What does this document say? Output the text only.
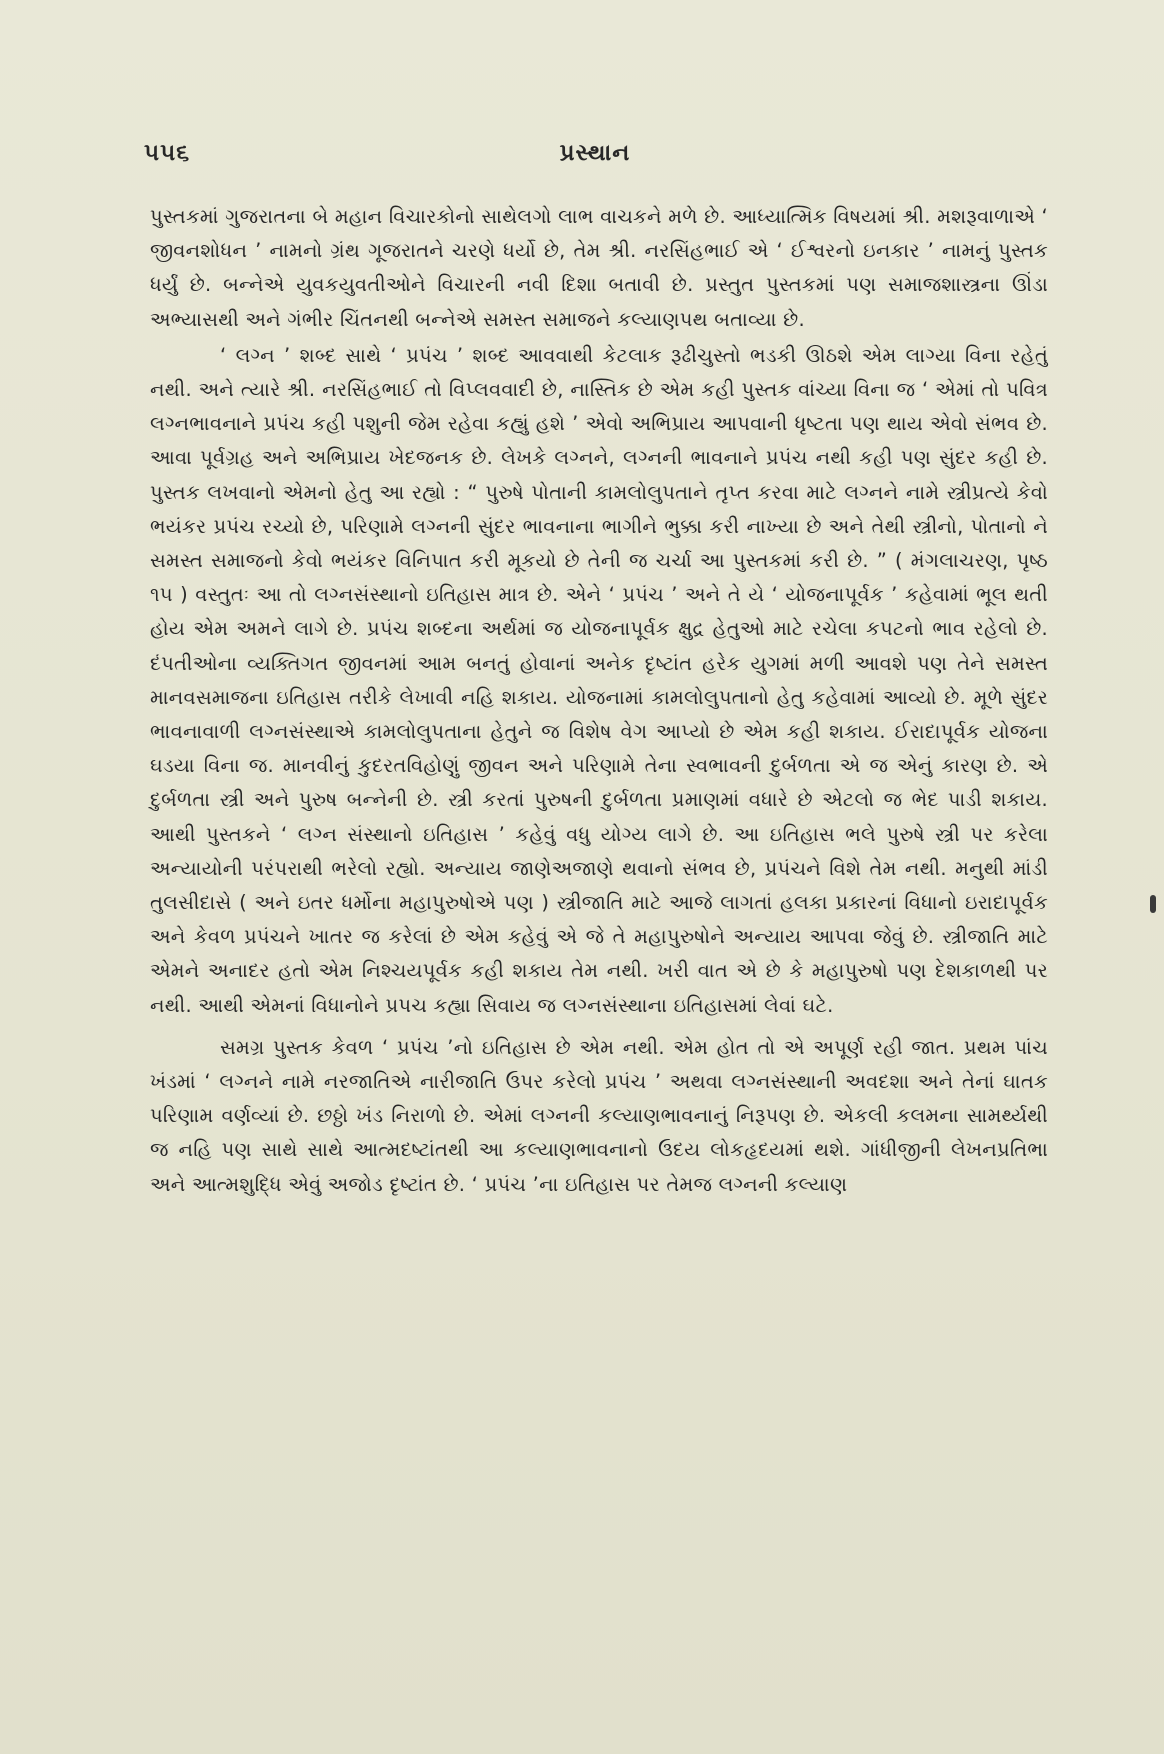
પ્રસ્થાન
૫૫૬

પુસ્તકમાં ગુજરાતના બે મહાન વિચારકોનો સાથેલગો લાભ વાચકને મળે છે. આધ્યાત્મિક વિષયમાં શ્રી. મશરૂવાળાએ ‘ જીવનશોધન ’ નામનો ગ્રંથ ગૂજરાતને ચરણે ધર્યો છે, તેમ શ્રી. નરસિંહભાઈ એ ‘ ઈશ્વરનો ઇનકાર ’ નામનું પુસ્તક ધર્યું છે. બન્નેએ યુવકયુવતીઓને વિચારની નવી દિશા બતાવી છે. પ્રસ્તુત પુસ્તકમાં પણ સમાજશાસ્ત્રના ઊંડા અભ્યાસથી અને ગંભીર ચિંતનથી બન્નેએ સમસ્ત સમાજને કલ્યાણપથ બતાવ્યા છે.

‘ લગ્ન ’ શબ્દ સાથે ‘ પ્રપંચ ’ શબ્દ આવવાથી કેટલાક રૂઢીચુસ્તો ભડકી ઊઠશે એમ લાગ્યા વિના રહેતું નથી. અને ત્યારે શ્રી. નરસિંહભાઈ તો વિપ્લવવાદી છે, નાસ્તિક છે એમ કહી પુસ્તક વાંચ્યા વિના જ ‘ એમાં તો પવિત્ર લગ્નભાવનાને પ્રપંચ કહી પશુની જેમ રહેવા કહ્યું હશે ’ એવો અભિપ્રાય આપવાની ધૃષ્ટતા પણ થાય એવો સંભવ છે. આવા પૂર્વગ્રહ અને અભિપ્રાય ખેદજનક છે. લેખકે લગ્નને, લગ્નની ભાવનાને પ્રપંચ નથી કહી પણ સુંદર કહી છે. પુસ્તક લખવાનો એમનો હેતુ આ રહ્યો : “ પુરુષે પોતાની કામલોલુપતાને તૃપ્ત કરવા માટે લગ્નને નામે સ્ત્રીપ્રત્યે કેવો ભયંકર પ્રપંચ રચ્યો છે, પરિણામે લગ્નની સુંદર ભાવનાના ભાગીને ભુક્કા કરી નાખ્યા છે અને તેથી સ્ત્રીનો, પોતાનો ને સમસ્ત સમાજનો કેવો ભયંકર વિનિપાત કરી મૂકયો છે તેની જ ચર્ચા આ પુસ્તકમાં કરી છે. ” ( મંગલાચરણ, પૃષ્ઠ ૧૫ ) વસ્તુતઃ આ તો લગ્નસંસ્થાનો ઇતિહાસ માત્ર છે. એને ‘ પ્રપંચ ’ અને તે યે ‘ યોજનાપૂર્વક ’ કહેવામાં ભૂલ થતી હોય એમ અમને લાગે છે. પ્રપંચ શબ્દના અર્થમાં જ યોજનાપૂર્વક ક્ષુદ્ર હેતુઓ માટે રચેલા કપટનો ભાવ રહેલો છે. દંપતીઓના વ્યક્તિગત જીવનમાં આમ બનતું હોવાનાં અનેક દૃષ્ટાંત હરેક યુગમાં મળી આવશે પણ તેને સમસ્ત માનવસમાજના ઇતિહાસ તરીકે લેખાવી નહિ શકાય. યોજનામાં કામલોલુપતાનો હેતુ કહેવામાં આવ્યો છે. મૂળે સુંદર ભાવનાવાળી લગ્નસંસ્થાએ કામલોલુપતાના હેતુને જ વિશેષ વેગ આપ્યો છે એમ કહી શકાય. ઈરાદાપૂર્વક યોજના ઘડયા વિના જ. માનવીનું કુદરતવિહોણું જીવન અને પરિણામે તેના સ્વભાવની દુર્બળતા એ જ એનું કારણ છે. એ દુર્બળતા સ્ત્રી અને પુરુષ બન્નેની છે. સ્ત્રી કરતાં પુરુષની દુર્બળતા પ્રમાણમાં વધારે છે એટલો જ ભેદ પાડી શકાય. આથી પુસ્તકને ‘ લગ્ન સંસ્થાનો ઇતિહાસ ’ કહેવું વધુ યોગ્ય લાગે છે. આ ઇતિહાસ ભલે પુરુષે સ્ત્રી પર કરેલા અન્યાયોની પરંપરાથી ભરેલો રહ્યો. અન્યાય જાણેઅજાણે થવાનો સંભવ છે, પ્રપંચને વિશે તેમ નથી. મનુથી માંડી તુલસીદાસે ( અને ઇતર ધર્મોના મહાપુરુષોએ પણ ) સ્ત્રીજાતિ માટે આજે લાગતાં હલકા પ્રકારનાં વિધાનો ઇરાદાપૂર્વક અને કેવળ પ્રપંચને ખાતર જ કરેલાં છે એમ કહેવું એ જે તે મહાપુરુષોને અન્યાય આપવા જેવું છે. સ્ત્રીજાતિ માટે એમને અનાદર હતો એમ નિશ્ચયપૂર્વક કહી શકાય તેમ નથી. ખરી વાત એ છે કે મહાપુરુષો પણ દેશકાળથી પર નથી. આથી એમનાં વિધાનોને પ્રપચ કહ્યા સિવાય જ લગ્નસંસ્થાના ઇતિહાસમાં લેવાં ઘટે.

સમગ્ર પુસ્તક કેવળ ‘ પ્રપંચ ’નો ઇતિહાસ છે એમ નથી. એમ હોત તો એ અપૂર્ણ રહી જાત. પ્રથમ પાંચ ખંડમાં ‘ લગ્નને નામે નરજાતિએ નારીજાતિ ઉપર કરેલો પ્રપંચ ’ અથવા લગ્નસંસ્થાની અવદશા અને તેનાં ઘાતક પરિણામ વર્ણવ્યાં છે. છઠ્ઠો ખંડ નિરાળો છે. એમાં લગ્નની કલ્યાણભાવનાનું નિરૂપણ છે. એકલી કલમના સામર્થ્યથી જ નહિ પણ સાથે સાથે આત્મદષ્ટાંતથી આ કલ્યાણભાવનાનો ઉદય લોકહૃદયમાં થશે. ગાંધીજીની લેખનપ્રતિભા અને આત્મશુદ્ધિ એવું અજોડ દૃષ્ટાંત છે. ‘ પ્રપંચ ’ના ઇતિહાસ પર તેમજ લગ્નની કલ્યાણ
